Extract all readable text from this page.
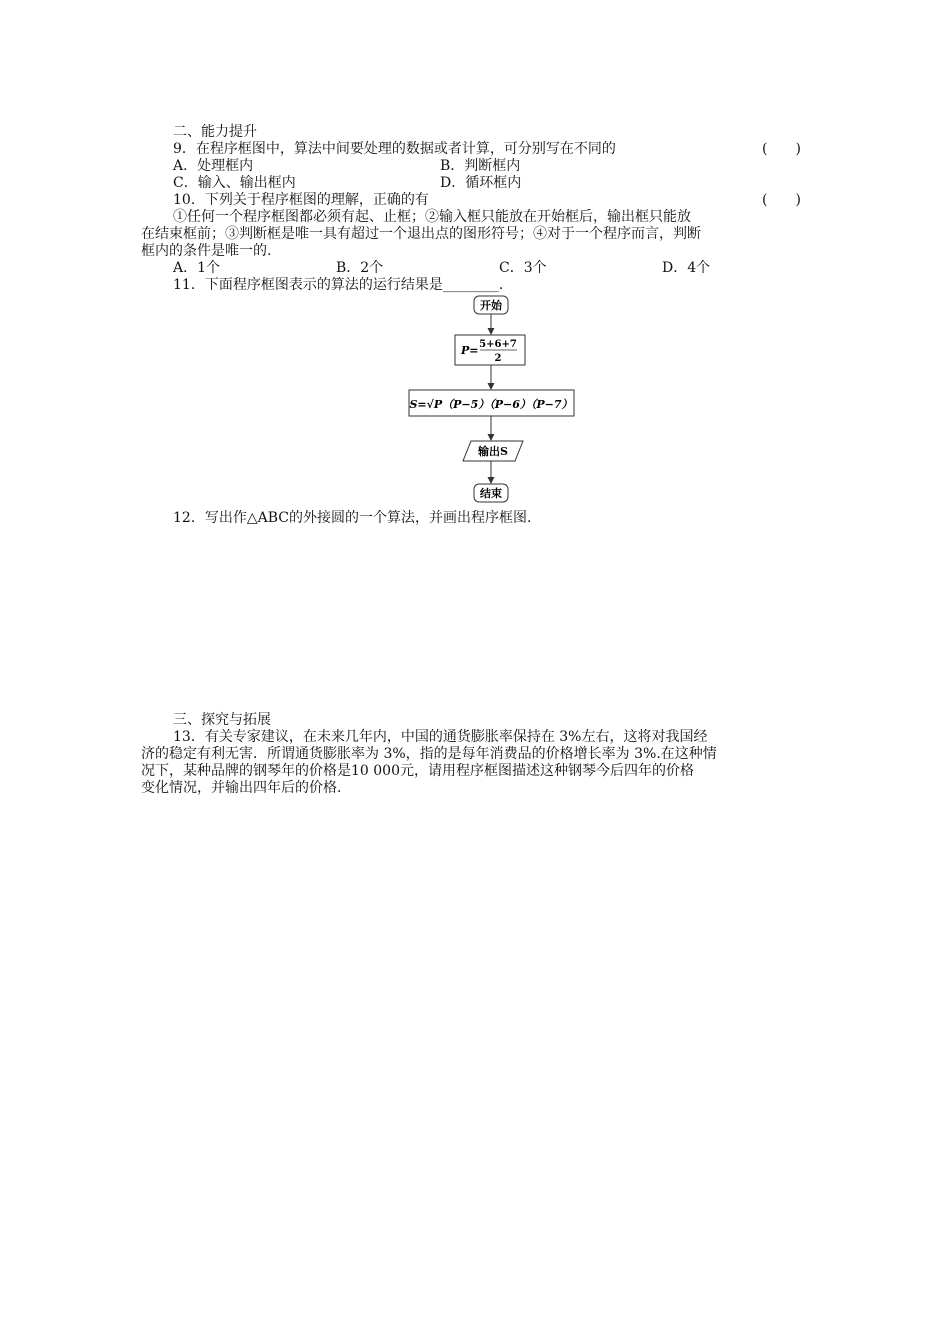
二、能力提升
9．在程序框图中，算法中间要处理的数据或者计算，可分别写在不同的	(　　)
A．处理框内	B．判断框内
C．输入、输出框内	D．循环框内
10．下列关于程序框图的理解，正确的有	(　　)
①任何一个程序框图都必须有起、止框；②输入框只能放在开始框后，输出框只能放
在结束框前；③判断框是唯一具有超过一个退出点的图形符号；④对于一个程序而言，判断
框内的条件是唯一的.
A．1个	B．2个	C．3个	D．4个
11．下面程序框图表示的算法的运行结果是________.
开始
P= 5+6+7
2
S=√P（P−5）（P−6）（P−7）
输出S
结束
12．写出作△ABC的外接圆的一个算法，并画出程序框图.
三、探究与拓展
13．有关专家建议，在未来几年内，中国的通货膨胀率保持在 3%左右，这将对我国经
济的稳定有利无害．所谓通货膨胀率为 3%，指的是每年消费品的价格增长率为 3%.在这种情
况下，某种品牌的钢琴年的价格是10 000元，请用程序框图描述这种钢琴今后四年的价格
变化情况，并输出四年后的价格.
